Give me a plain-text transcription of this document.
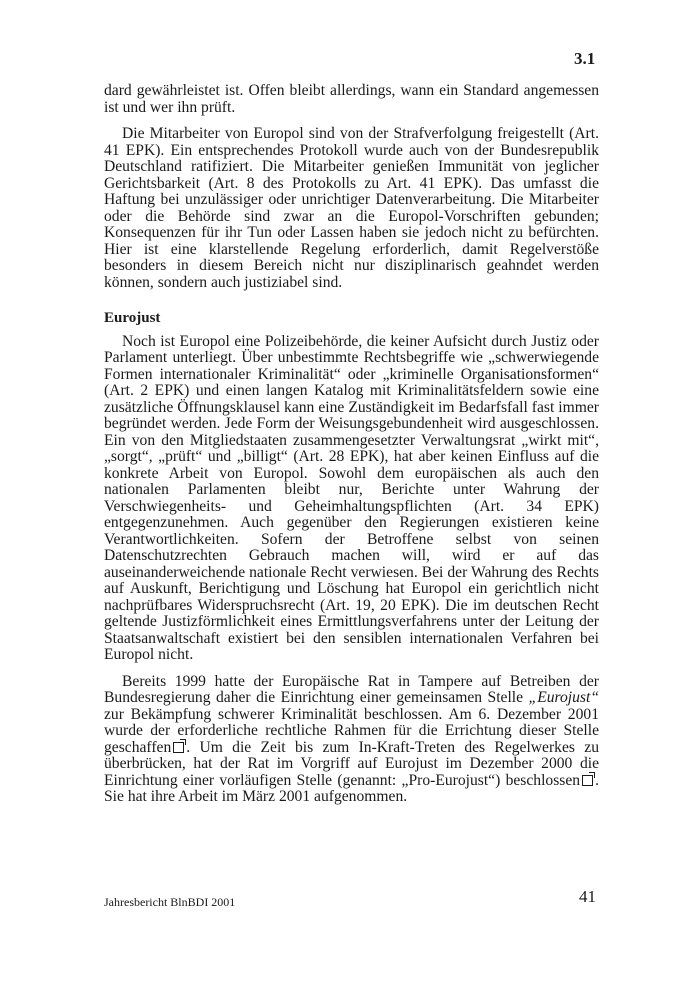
3.1

dard gewährleistet ist. Offen bleibt allerdings, wann ein Standard angemessen ist und wer ihn prüft.

Die Mitarbeiter von Europol sind von der Strafverfolgung freigestellt (Art. 41 EPK). Ein entsprechendes Protokoll wurde auch von der Bundesrepublik Deutschland ratifiziert. Die Mitarbeiter genießen Immunität von jeglicher Gerichtsbarkeit (Art. 8 des Protokolls zu Art. 41 EPK). Das umfasst die Haftung bei unzulässiger oder unrichtiger Datenverarbeitung. Die Mitarbeiter oder die Behörde sind zwar an die Europol-Vorschriften gebunden; Konsequenzen für ihr Tun oder Lassen haben sie jedoch nicht zu befürchten. Hier ist eine klarstellende Regelung erforderlich, damit Regelverstöße besonders in diesem Bereich nicht nur disziplinarisch geahndet werden können, sondern auch justiziabel sind.

Eurojust

Noch ist Europol eine Polizeibehörde, die keiner Aufsicht durch Justiz oder Parlament unterliegt. Über unbestimmte Rechtsbegriffe wie „schwerwiegende Formen internationaler Kriminalität“ oder „kriminelle Organisationsformen“ (Art. 2 EPK) und einen langen Katalog mit Kriminalitätsfeldern sowie eine zusätzliche Öffnungsklausel kann eine Zuständigkeit im Bedarfsfall fast immer begründet werden. Jede Form der Weisungsgebundenheit wird ausgeschlossen. Ein von den Mitgliedstaaten zusammengesetzter Verwaltungsrat „wirkt mit“, „sorgt“, „prüft“ und „billigt“ (Art. 28 EPK), hat aber keinen Einfluss auf die konkrete Arbeit von Europol. Sowohl dem europäischen als auch den nationalen Parlamenten bleibt nur, Berichte unter Wahrung der Verschwiegenheits- und Geheimhaltungspflichten (Art. 34 EPK) entgegenzunehmen. Auch gegenüber den Regierungen existieren keine Verantwortlichkeiten. Sofern der Betroffene selbst von seinen Datenschutzrechten Gebrauch machen will, wird er auf das auseinanderweichende nationale Recht verwiesen. Bei der Wahrung des Rechts auf Auskunft, Berichtigung und Löschung hat Europol ein gerichtlich nicht nachprüfbares Widerspruchsrecht (Art. 19, 20 EPK). Die im deutschen Recht geltende Justizförmlichkeit eines Ermittlungsverfahrens unter der Leitung der Staatsanwaltschaft existiert bei den sensiblen internationalen Verfahren bei Europol nicht.

Bereits 1999 hatte der Europäische Rat in Tampere auf Betreiben der Bundesregierung daher die Einrichtung einer gemeinsamen Stelle „Eurojust“ zur Bekämpfung schwerer Kriminalität beschlossen. Am 6. Dezember 2001 wurde der erforderliche rechtliche Rahmen für die Errichtung dieser Stelle geschaffen . Um die Zeit bis zum In-Kraft-Treten des Regelwerkes zu überbrücken, hat der Rat im Vorgriff auf Eurojust im Dezember 2000 die Einrichtung einer vorläufigen Stelle (genannt: „Pro-Eurojust“) beschlossen . Sie hat ihre Arbeit im März 2001 aufgenommen.

Jahresbericht BlnBDI 2001	41
